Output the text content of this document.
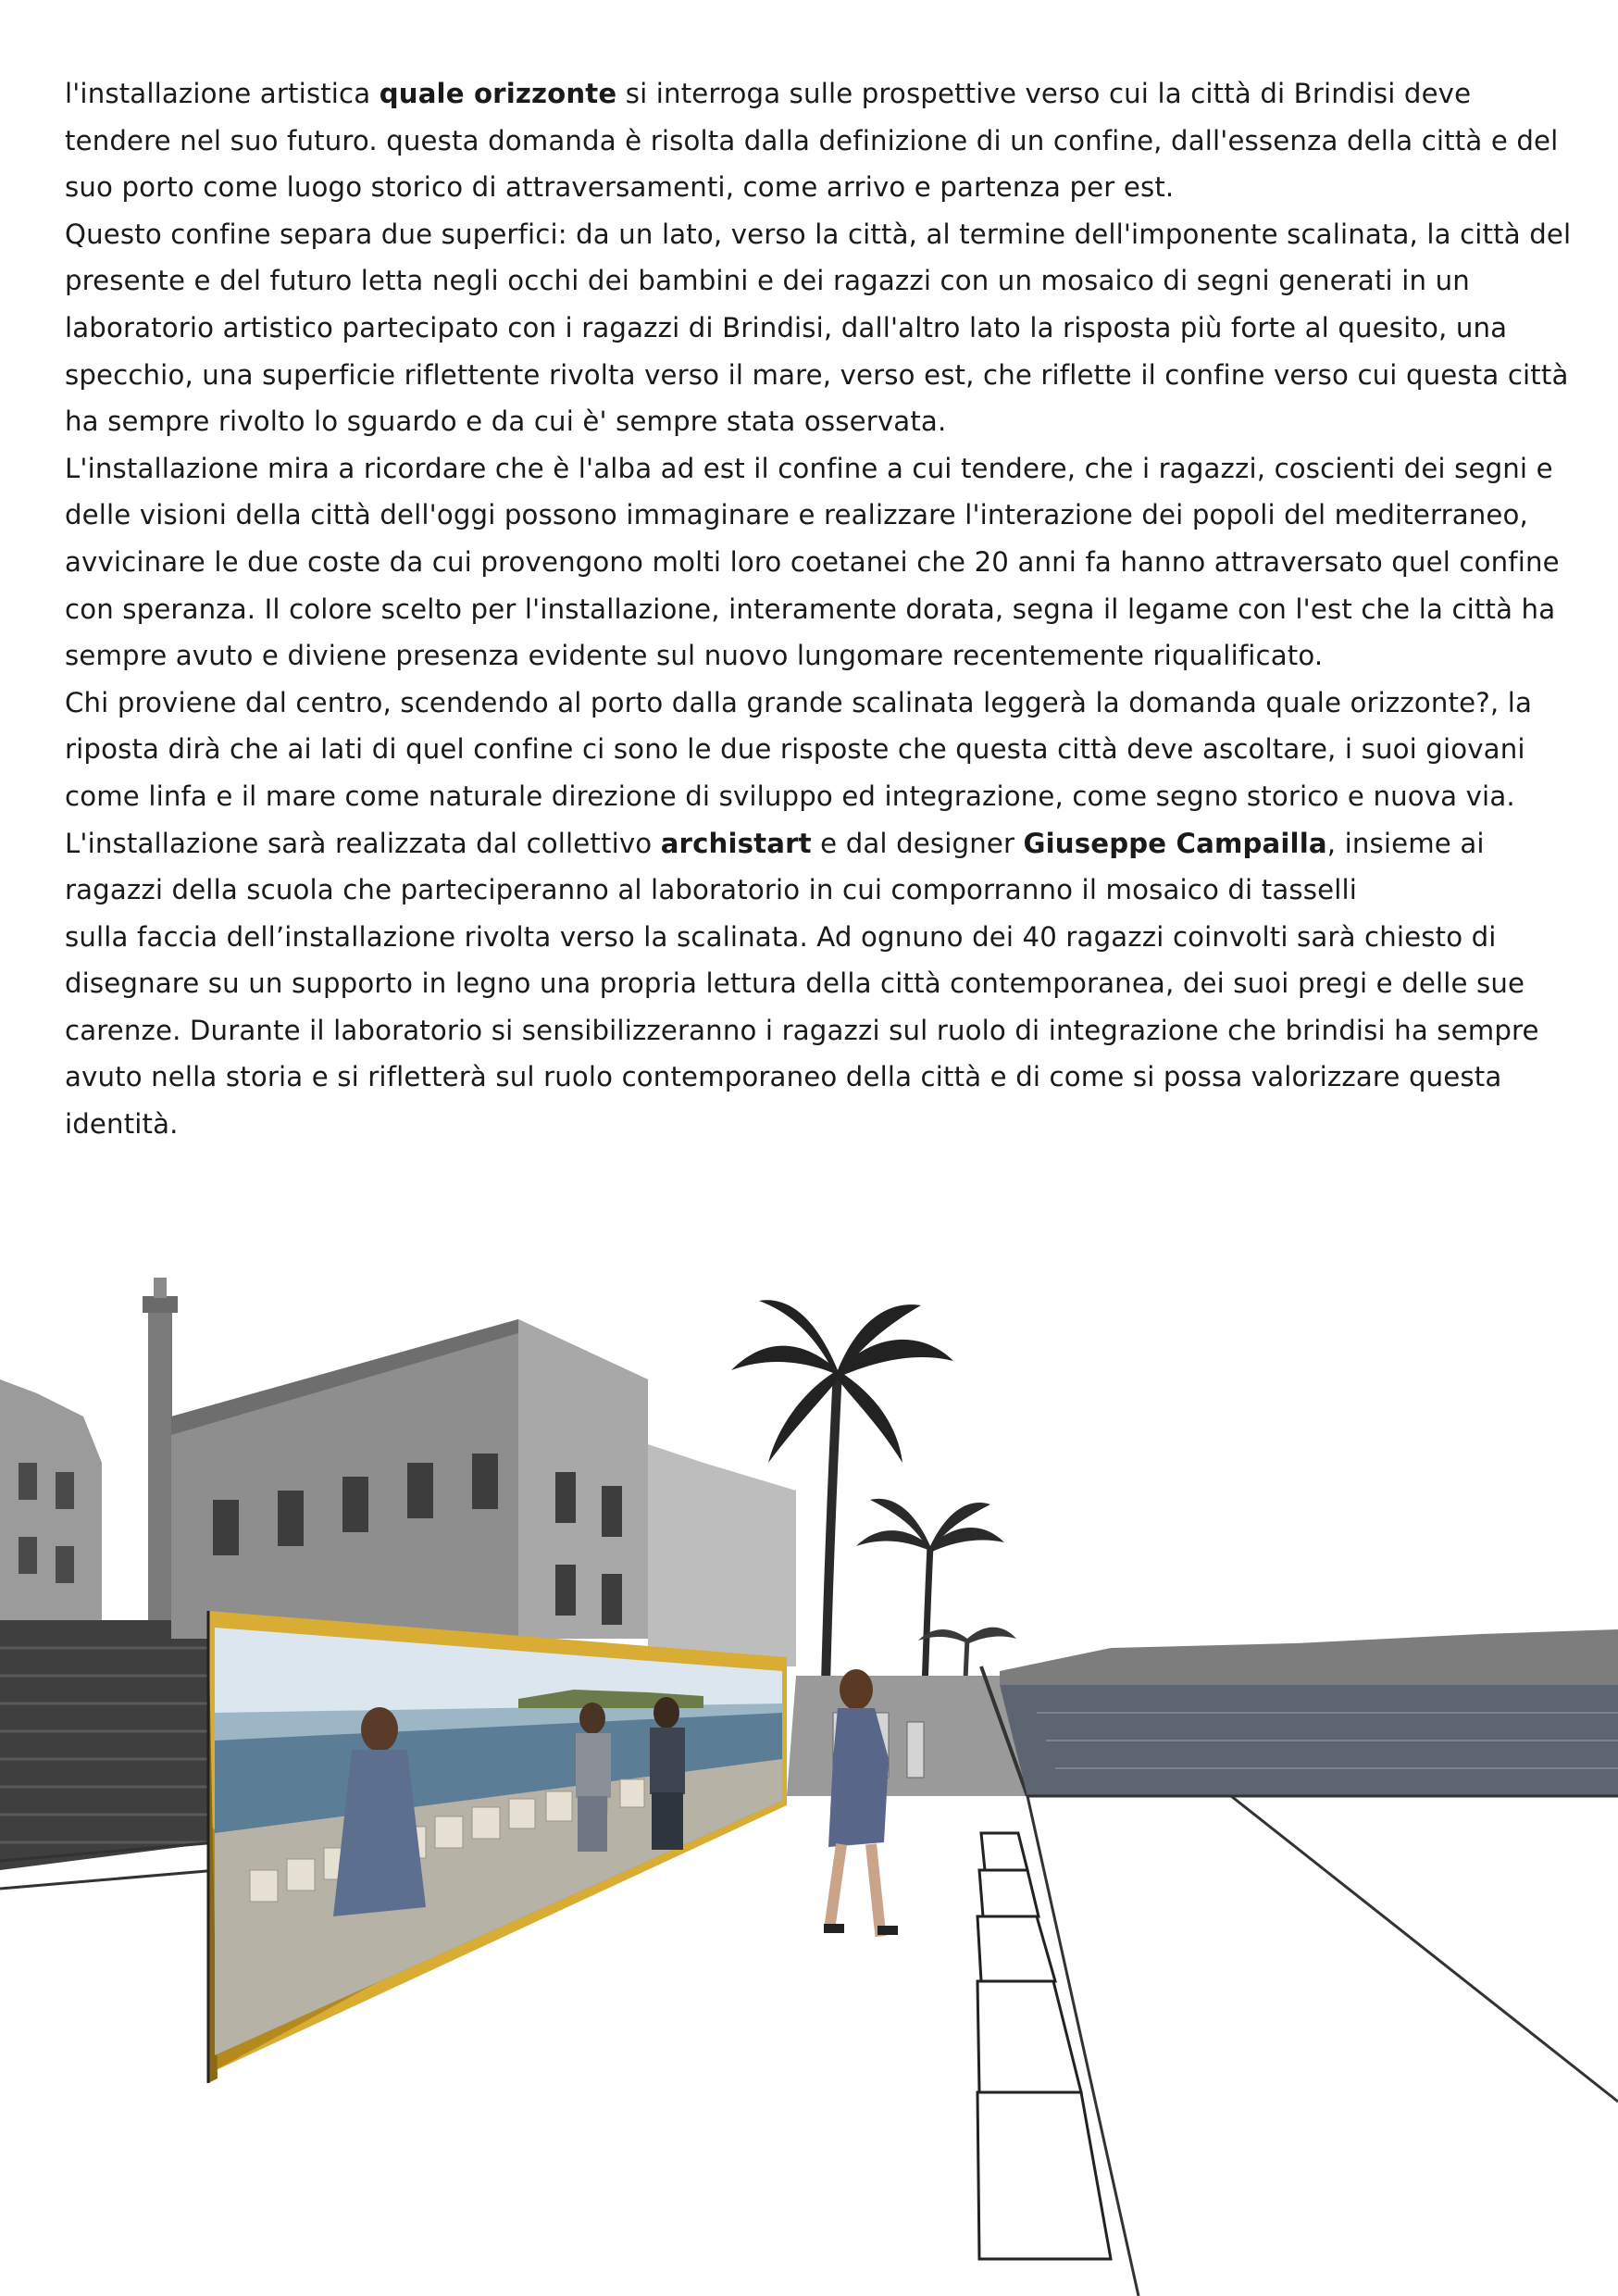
l'installazione artistica quale orizzonte si interroga sulle prospettive verso cui la città di Brindisi deve tendere nel suo futuro. questa domanda è risolta dalla definizione di un confine, dall'essenza della città e del suo porto come luogo storico di attraversamenti, come arrivo e partenza per est.

Questo confine separa due superfici: da un lato, verso la città, al termine dell'imponente scalinata, la città del presente e del futuro letta negli occhi dei bambini e dei ragazzi con un mosaico di segni generati in un laboratorio artistico partecipato con i ragazzi di Brindisi, dall'altro lato la risposta più forte al quesito, una specchio, una superficie riflettente rivolta verso il mare, verso est, che riflette il confine verso cui questa città ha sempre rivolto lo sguardo e da cui è' sempre stata osservata.

L'installazione mira a ricordare che è l'alba ad est il confine a cui tendere, che i ragazzi, coscienti dei segni e delle visioni della città dell'oggi possono immaginare e realizzare l'interazione dei popoli del mediterraneo, avvicinare le due coste da cui provengono molti loro coetanei che 20 anni fa hanno attraversato quel confine con speranza. Il colore scelto per l'installazione, interamente dorata, segna il legame con l'est che la città ha sempre avuto e diviene presenza evidente sul nuovo lungomare recentemente riqualificato.

Chi proviene dal centro, scendendo al porto dalla grande scalinata leggerà la domanda quale orizzonte?, la riposta dirà che ai lati di quel confine ci sono le due risposte che questa città deve ascoltare, i suoi giovani come linfa e il mare come naturale direzione di sviluppo ed integrazione, come segno storico e nuova via.

L'installazione sarà realizzata dal collettivo archistart e dal designer Giuseppe Campailla, insieme ai ragazzi della scuola che parteciperanno al laboratorio in cui comporranno il mosaico di tasselli

sulla faccia dell’installazione rivolta verso la scalinata. Ad ognuno dei 40 ragazzi coinvolti sarà chiesto di disegnare su un supporto in legno una propria lettura della città contemporanea, dei suoi pregi e delle sue carenze. Durante il laboratorio si sensibilizzeranno i ragazzi sul ruolo di integrazione che brindisi ha sempre avuto nella storia e si rifletterà sul ruolo contemporaneo della città e di come si possa valorizzare questa identità.
